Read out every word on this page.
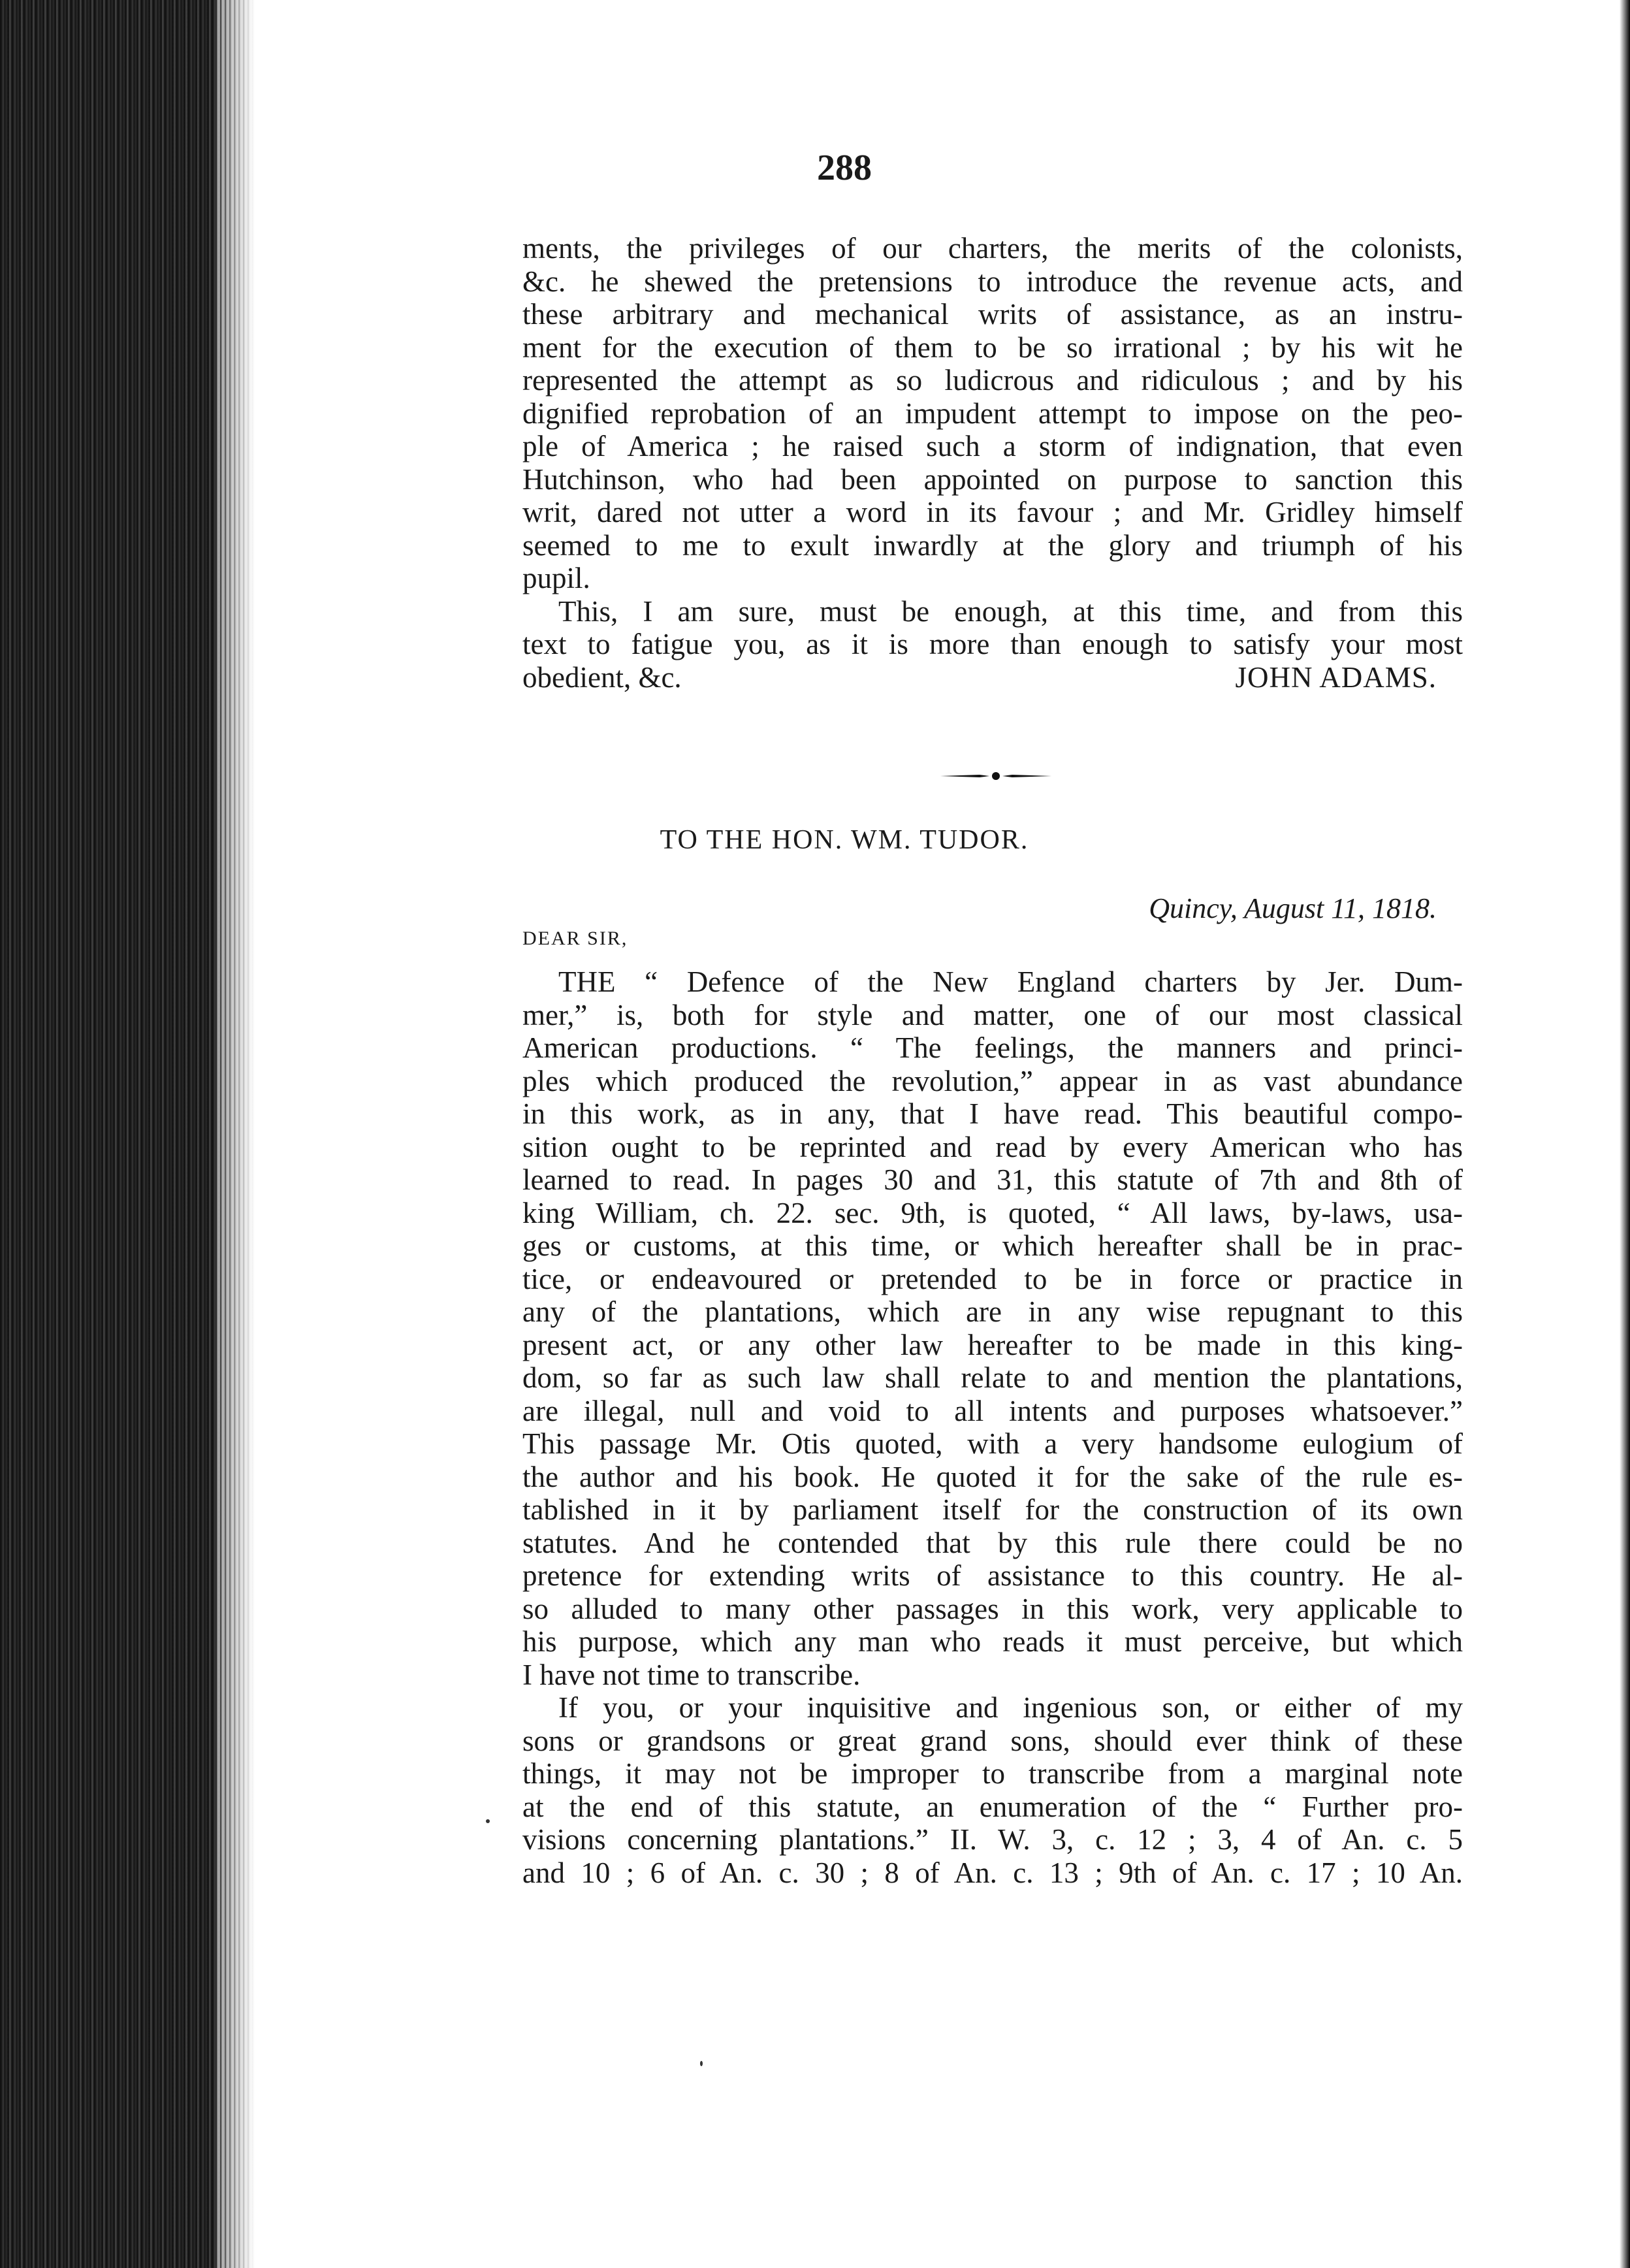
288
ments, the privileges of our charters, the merits of the colonists,
&c. he shewed the pretensions to introduce the revenue acts, and
these arbitrary and mechanical writs of assistance, as an instru-
ment for the execution of them to be so irrational ; by his wit he
represented the attempt as so ludicrous and ridiculous ; and by his
dignified reprobation of an impudent attempt to impose on the peo-
ple of America ; he raised such a storm of indignation, that even
Hutchinson, who had been appointed on purpose to sanction this
writ, dared not utter a word in its favour ; and Mr. Gridley himself
seemed to me to exult inwardly at the glory and triumph of his
pupil.
This, I am sure, must be enough, at this time, and from this
text to fatigue you, as it is more than enough to satisfy your most
obedient, &c.	JOHN ADAMS.
TO THE HON. WM. TUDOR.
Quincy, August 11, 1818.
DEAR SIR,
THE “ Defence of the New England charters by Jer. Dum-
mer,” is, both for style and matter, one of our most classical
American productions. “ The feelings, the manners and princi-
ples which produced the revolution,” appear in as vast abundance
in this work, as in any, that I have read. This beautiful compo-
sition ought to be reprinted and read by every American who has
learned to read. In pages 30 and 31, this statute of 7th and 8th of
king William, ch. 22. sec. 9th, is quoted, “ All laws, by-laws, usa-
ges or customs, at this time, or which hereafter shall be in prac-
tice, or endeavoured or pretended to be in force or practice in
any of the plantations, which are in any wise repugnant to this
present act, or any other law hereafter to be made in this king-
dom, so far as such law shall relate to and mention the plantations,
are illegal, null and void to all intents and purposes whatsoever.”
This passage Mr. Otis quoted, with a very handsome eulogium of
the author and his book. He quoted it for the sake of the rule es-
tablished in it by parliament itself for the construction of its own
statutes. And he contended that by this rule there could be no
pretence for extending writs of assistance to this country. He al-
so alluded to many other passages in this work, very applicable to
his purpose, which any man who reads it must perceive, but which
I have not time to transcribe.
If you, or your inquisitive and ingenious son, or either of my
sons or grandsons or great grand sons, should ever think of these
things, it may not be improper to transcribe from a marginal note
at the end of this statute, an enumeration of the “ Further pro-
visions concerning plantations.” II. W. 3, c. 12 ; 3, 4 of An. c. 5
and 10 ; 6 of An. c. 30 ; 8 of An. c. 13 ; 9th of An. c. 17 ; 10 An.
